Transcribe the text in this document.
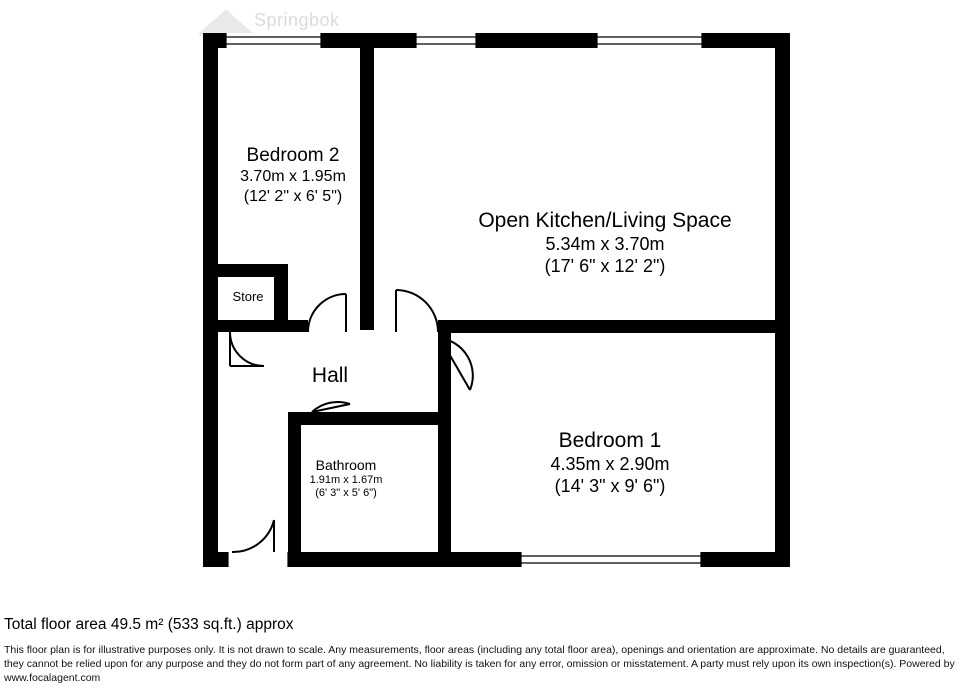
Springbok
Bedroom 2
3.70m x 1.95m
(12' 2" x 6' 5")
Open Kitchen/Living Space
5.34m x 3.70m
(17' 6" x 12' 2")
Bedroom 1
4.35m x 2.90m
(14' 3" x 9' 6")
Bathroom
1.91m x 1.67m
(6' 3" x 5' 6")
Hall
Store
Total floor area 49.5 m² (533 sq.ft.) approx
This floor plan is for illustrative purposes only. It is not drawn to scale. Any measurements, floor areas (including any total floor area), openings and orientation are approximate. No details are guaranteed, they cannot be relied upon for any purpose and they do not form part of any agreement. No liability is taken for any error, omission or misstatement. A party must rely upon its own inspection(s). Powered by www.focalagent.com
